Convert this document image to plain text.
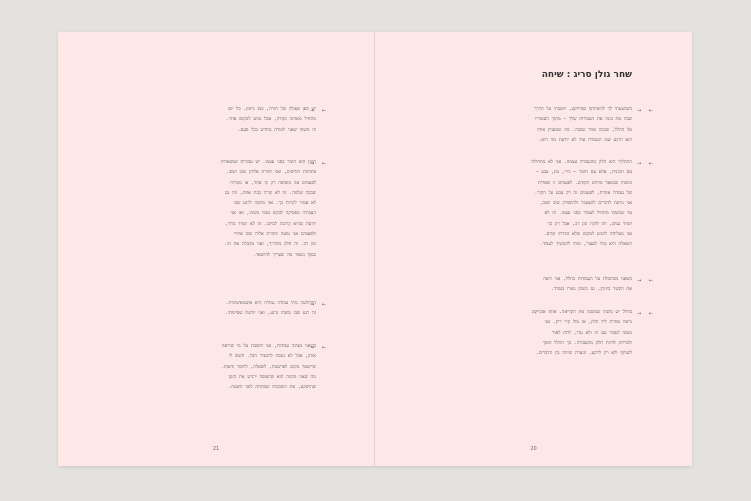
→ ←
יש כאן פעולה של חזרה, כמו ביומן. כל יום
מתחיל מאותה נקודה, אבל מגיע למקום אחר.
זה משהו שאני לומדת מחדש בכל פעם.
→ ←
הזמן הוא חומר בפני עצמו. יש עבודות שנשארות
פתוחות חודשים, ואני חוזרת אליהן שוב ושוב.
לפעמים אני מוסיפה רק קו אחד, או מסירה
שכבה שלמה. זה לא קורה בבת אחת, וזה גם
לא אמור לקרות כך. אני מחכה לרגע שבו
העבודה מפסיקה לבקש ממני משהו, ואז אני
יודעת שהיא קרובה לסיום. זה לא תמיד ברור,
ולפעמים אני טועה וחוזרת אליה שוב אחרי
זמן רב. זה חלק מהדרך, ואני מקבלת את זה.
בסוף נשאר מה שצריך להישאר.
→ ←
ההחלטה מתי עבודה גמורה היא אינטואיטיבית.
זה רגע שבו משהו נרגע, ואני יודעת שסיימתי.
→ ←
כשאני מציגה עבודות, אני חושבת על מי שיראה
אותן, אבל לא מנסה להסביר הכל. חשוב לי
שיישאר מקום לפרשנות, לשאלה, לחוסר ודאות.
מה שאני מקווה הוא שהצופה ירגיש את הזמן
שהושקע, את השכבות שמתחת לפני השטח.
21
שחר גולן סריג : שיחה
→ ←
כשהצעתי לך להשתתף בפרויקט, חשבתי על הדרך
שבה את בונה את העבודות שלך – מתוך הסטודיו
אל החלל, שכבה אחר שכבה. מה שמעניין אותי
הוא הרגע שבו העבודה עוד לא יודעת מה היא.
→ ←
התהליך הוא חלק מהעבודה עצמה. אני לא מתחילה
עם תוכנית, אלא עם חומר – נייר, עץ, צבע –
ומשהו שנשאר מהיום הקודם. לפעמים זו שארית
של עבודה אחרת, לפעמים זה רק צבע על הקיר.
אני נותנת לדברים להצטבר ולהתפרק שוב ושוב,
עד שמשהו מתחיל לעמוד בפני עצמו. זה לא
תמיד נעים, וזה לוקח זמן רב, אבל רק כך
אני מצליחה להגיע למקום שלא הכרתי קודם.
השאלה היא מתי לעצור, ומתי להמשיך לעבוד.
→ ←
כשאני מסתכלת על העבודות בחלל, אני רואה
את הקשר ביניהן, גם כשהן נוצרו בנפרד.
→ ←
בחלל יש משהו שמשנה את הקריאה. אותו אובייקט
נראה אחרת ליד חלון, או מול קיר ריק. אני
מנסה לעבוד עם זה ולא נגדו, לתת לאור
ולמרחק להיות חלק מהעבודה. כך החלל הופך
לשותף ולא רק לרקע, ונוצרת שיחה בין הדברים.
20
